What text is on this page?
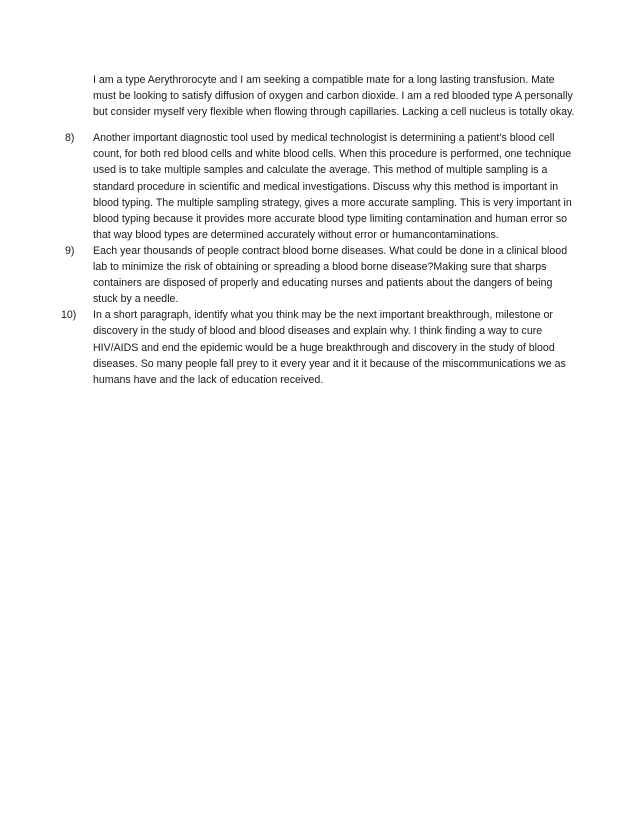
I am a type Aerythrorocyte and I am seeking a compatible mate for a long lasting transfusion. Mate must be looking to satisfy diffusion of oxygen and carbon dioxide. I am a red blooded type A personally but consider myself very flexible when flowing through capillaries. Lacking a cell nucleus is totally okay.

8)	Another important diagnostic tool used by medical technologist is determining a patient’s blood cell count, for both red blood cells and white blood cells. When this procedure is performed, one technique used is to take multiple samples and calculate the average. This method of multiple sampling is a standard procedure in scientific and medical investigations. Discuss why this method is important in blood typing. The multiple sampling strategy, gives a more accurate sampling. This is very important in blood typing because it provides more accurate blood type limiting contamination and human error so that way blood types are determined accurately without error or humancontaminations.
9)	Each year thousands of people contract blood borne diseases. What could be done in a clinical blood lab to minimize the risk of obtaining or spreading a blood borne disease?Making sure that sharps containers are disposed of properly and educating nurses and patients about the dangers of being stuck by a needle.
10)	In a short paragraph, identify what you think may be the next important breakthrough, milestone or discovery in the study of blood and blood diseases and explain why. I think finding a way to cure HIV/AIDS and end the epidemic would be a huge breakthrough and discovery in the study of blood diseases. So many people fall prey to it every year and it it because of the miscommunications we as humans have and the lack of education received.
